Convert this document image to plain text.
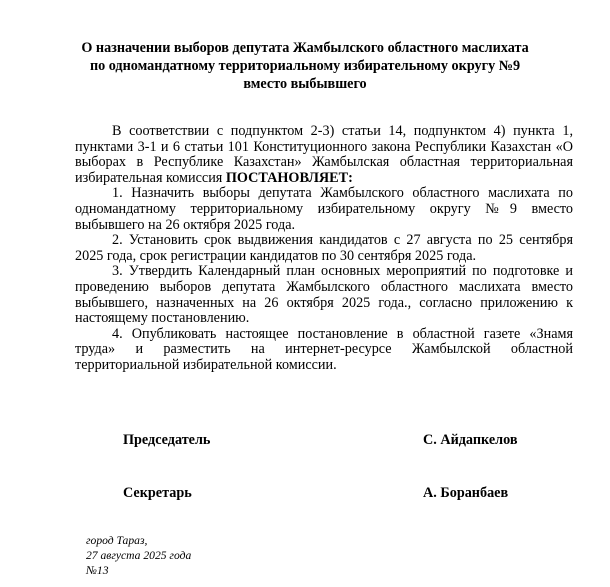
О назначении выборов депутата Жамбылского областного маслихата
по одномандатному территориальному избирательному округу №9
вместо выбывшего

В соответствии с подпунктом 2-3) статьи 14, подпунктом 4) пункта 1, пунктами 3-1 и 6 статьи 101 Конституционного закона Республики Казахстан «О выборах в Республике Казахстан» Жамбылская областная территориальная избирательная комиссия ПОСТАНОВЛЯЕТ:

1. Назначить выборы депутата Жамбылского областного маслихата по одномандатному территориальному избирательному округу №9 вместо выбывшего на 26 октября 2025 года.

2. Установить срок выдвижения кандидатов с 27 августа по 25 сентября 2025 года, срок регистрации кандидатов по 30 сентября 2025 года.

3. Утвердить Календарный план основных мероприятий по подготовке и проведению выборов депутата Жамбылского областного маслихата вместо выбывшего, назначенных на 26 октября 2025 года., согласно приложению к настоящему постановлению.

4. Опубликовать настоящее постановление в областной газете «Знамя труда» и разместить на интернет-ресурсе Жамбылской областной территориальной избирательной комиссии.

Председатель	С. Айдапкелов
Секретарь	А. Боранбаев
город Тараз,
27 августа 2025 года
№13
